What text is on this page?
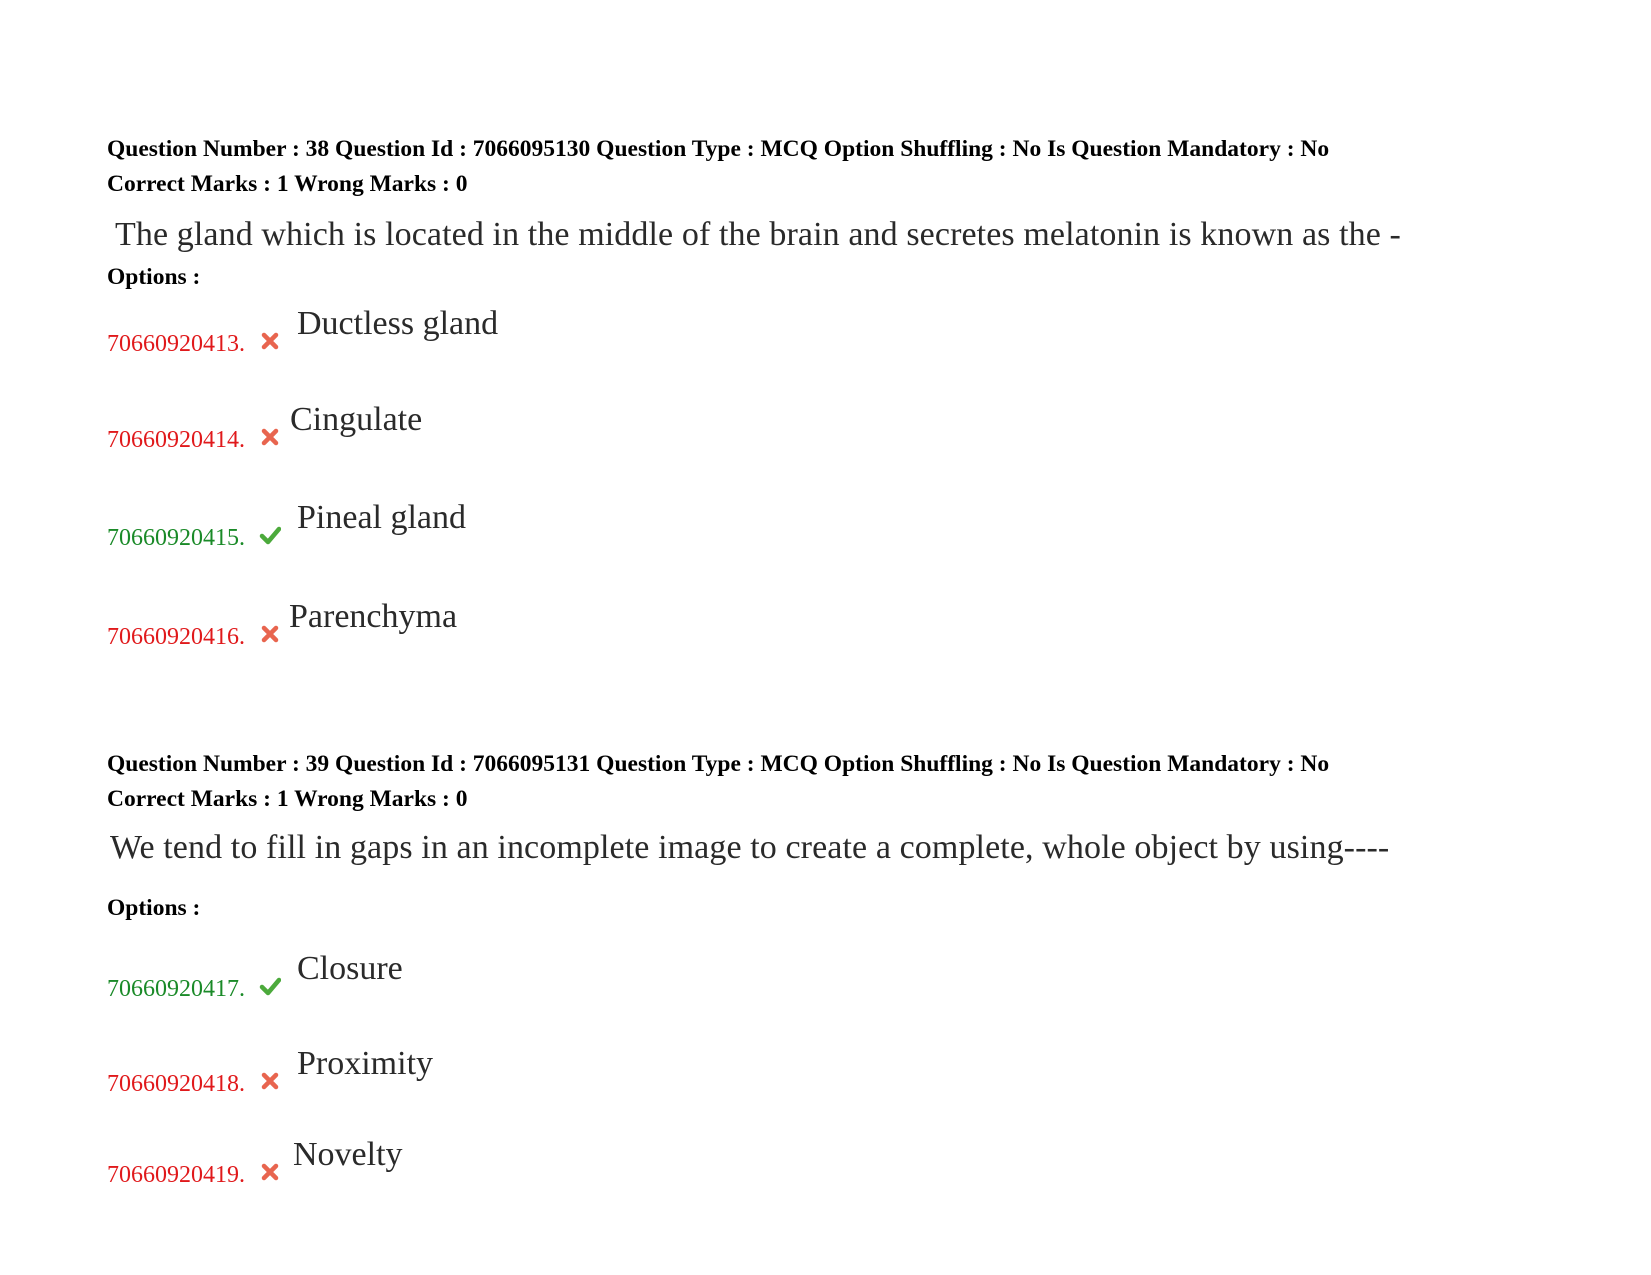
Question Number : 38 Question Id : 7066095130 Question Type : MCQ Option Shuffling : No Is Question Mandatory : No
Correct Marks : 1 Wrong Marks : 0
The gland which is located in the middle of the brain and secretes melatonin is known as the -
Options :
70660920413.
Ductless gland
70660920414.
Cingulate
70660920415.
Pineal gland
70660920416.
Parenchyma
Question Number : 39 Question Id : 7066095131 Question Type : MCQ Option Shuffling : No Is Question Mandatory : No
Correct Marks : 1 Wrong Marks : 0
We tend to fill in gaps in an incomplete image to create a complete, whole object by using----
Options :
70660920417.
Closure
70660920418.
Proximity
70660920419.
Novelty
